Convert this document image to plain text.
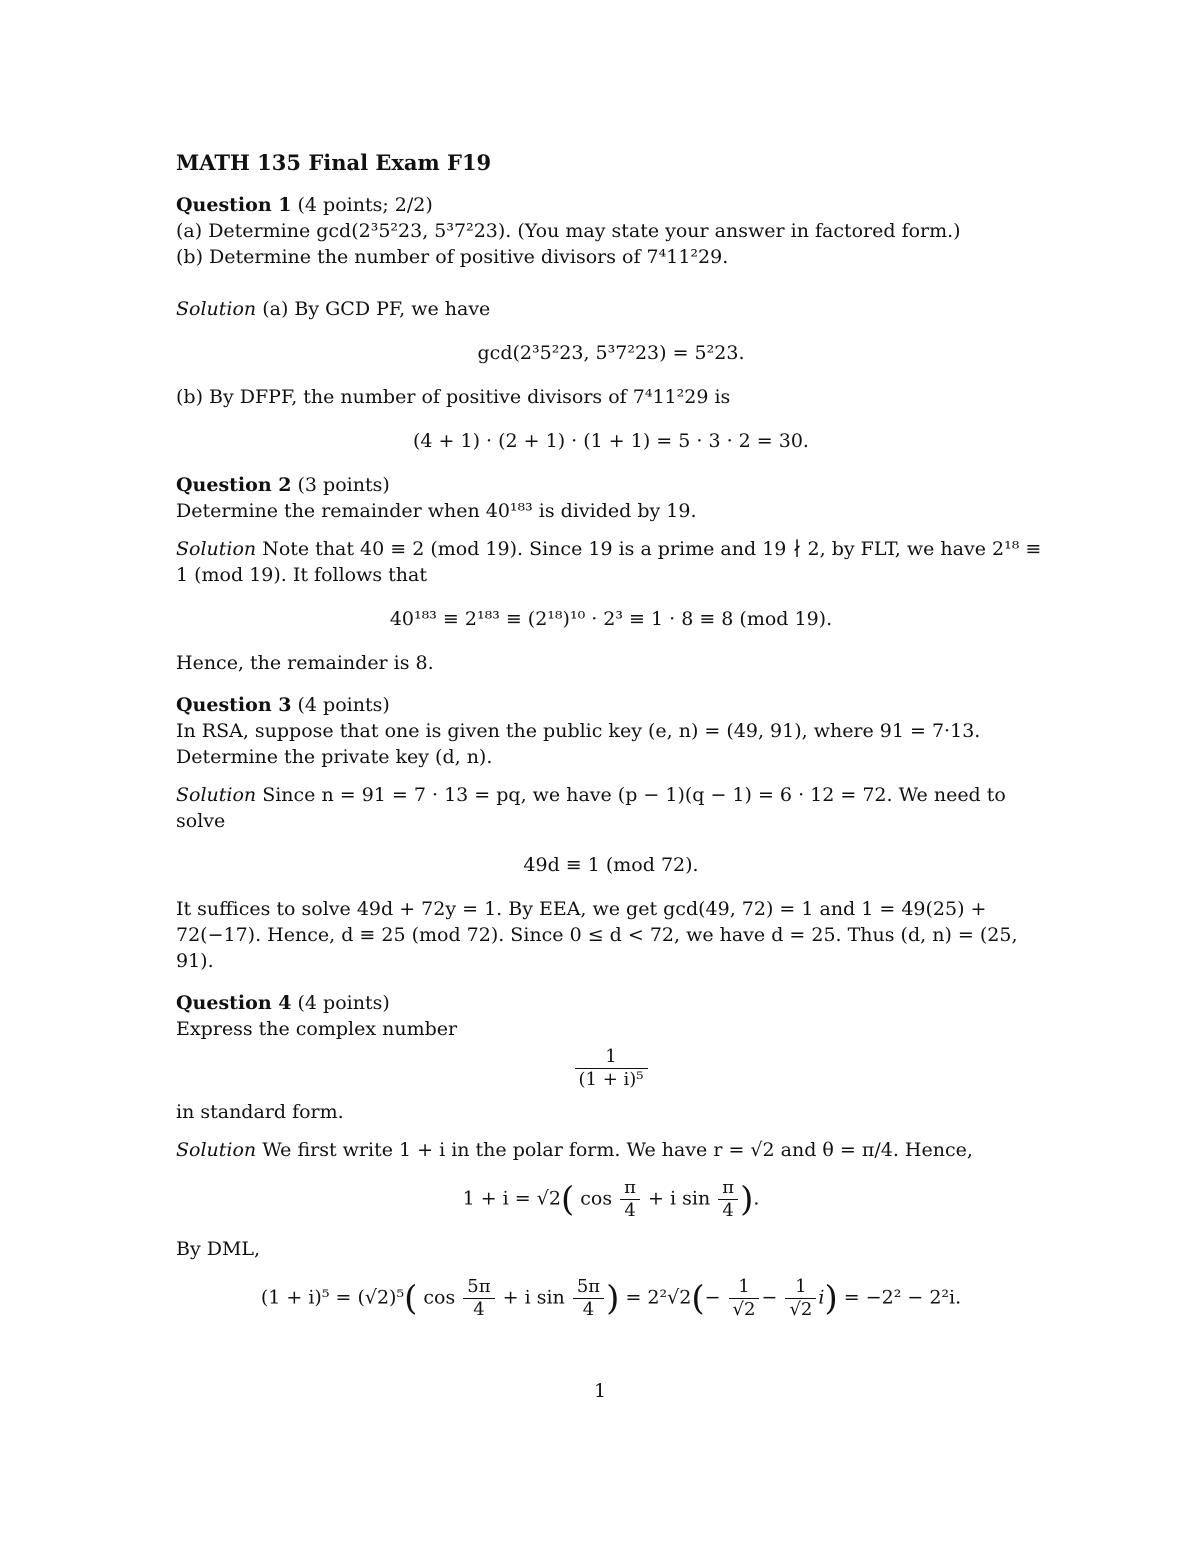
MATH 135 Final Exam F19
Question 1 (4 points; 2/2)

(a) Determine gcd(2³5²23, 5³7²23). (You may state your answer in factored form.)

(b) Determine the number of positive divisors of 7⁴11²29.

Solution (a) By GCD PF, we have
gcd(2³5²23, 5³7²23) = 5²23.

(b) By DFPF, the number of positive divisors of 7⁴11²29 is

(4 + 1) · (2 + 1) · (1 + 1) = 5 · 3 · 2 = 30.
Question 2 (3 points)

Determine the remainder when 40¹⁸³ is divided by 19.

Solution Note that 40 ≡ 2 (mod 19). Since 19 is a prime and 19 ∤ 2, by FLT, we have 2¹⁸ ≡ 1 (mod 19). It follows that
40¹⁸³ ≡ 2¹⁸³ ≡ (2¹⁸)¹⁰ · 2³ ≡ 1 · 8 ≡ 8 (mod 19).

Hence, the remainder is 8.

Question 3 (4 points)

In RSA, suppose that one is given the public key (e, n) = (49, 91), where 91 = 7·13. Determine the private key (d, n).

Solution Since n = 91 = 7 · 13 = pq, we have (p − 1)(q − 1) = 6 · 12 = 72. We need to solve
49d ≡ 1 (mod 72).

It suffices to solve 49d + 72y = 1. By EEA, we get gcd(49, 72) = 1 and 1 = 49(25) + 72(−17). Hence, d ≡ 25 (mod 72). Since 0 ≤ d < 72, we have d = 25. Thus (d, n) = (25, 91).

Question 4 (4 points)

Express the complex number

$\frac{1}{\text{(1 + i)⁵}}$

in standard form.

Solution We first write 1 + i in the polar form. We have r = √2 and θ = π/4. Hence,
1 + i = √2( $\cos \frac{\pi}{4} + i$ $\sin \frac{\pi}{4}$ ).

By DML,

(1 + i)⁵ = (√2)⁵( $\cos \frac{5\pi}{4} + i$ $\sin \frac{5\pi}{4}$ ) = $2^2√2(- \frac{1}{√2} - \frac{1}{√2} i) = -2^2 - 2^2i$.
1
